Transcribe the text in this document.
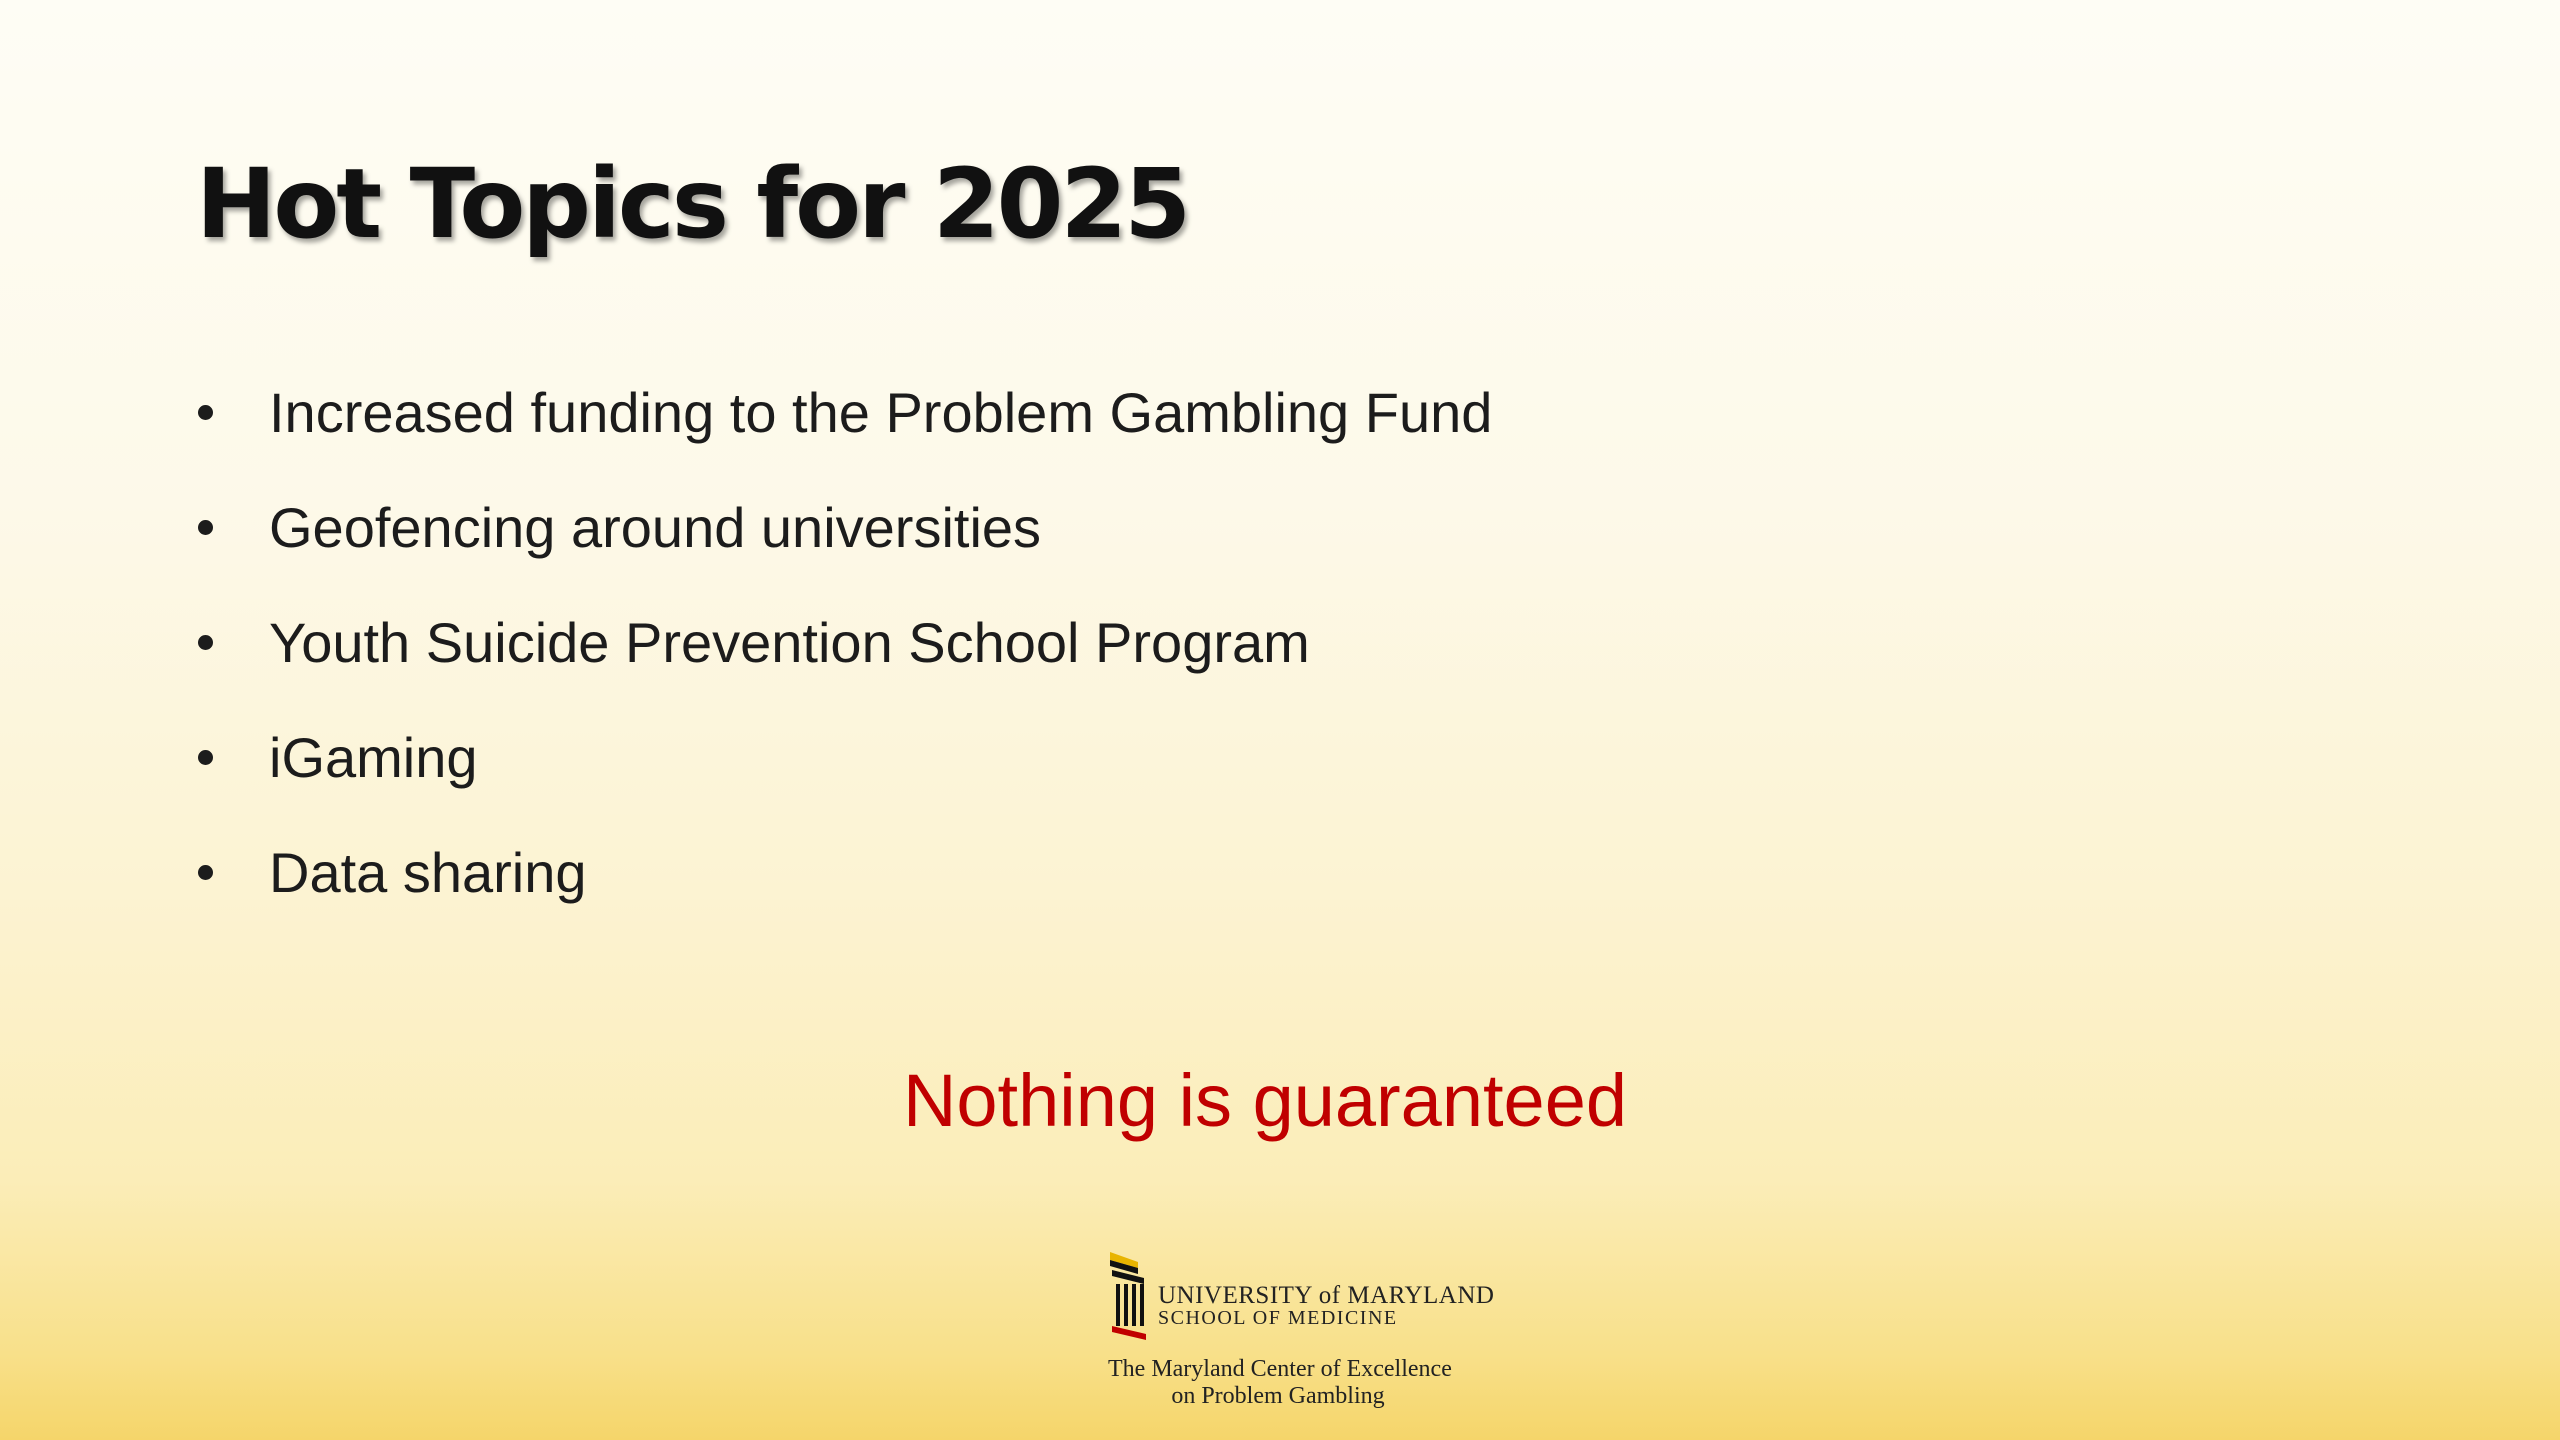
Hot Topics for 2025
Increased funding to the Problem Gambling Fund
Geofencing around universities
Youth Suicide Prevention School Program
iGaming
Data sharing
Nothing is guaranteed
UNIVERSITY of MARYLAND
SCHOOL OF MEDICINE
The Maryland Center of Excellence
on Problem Gambling
